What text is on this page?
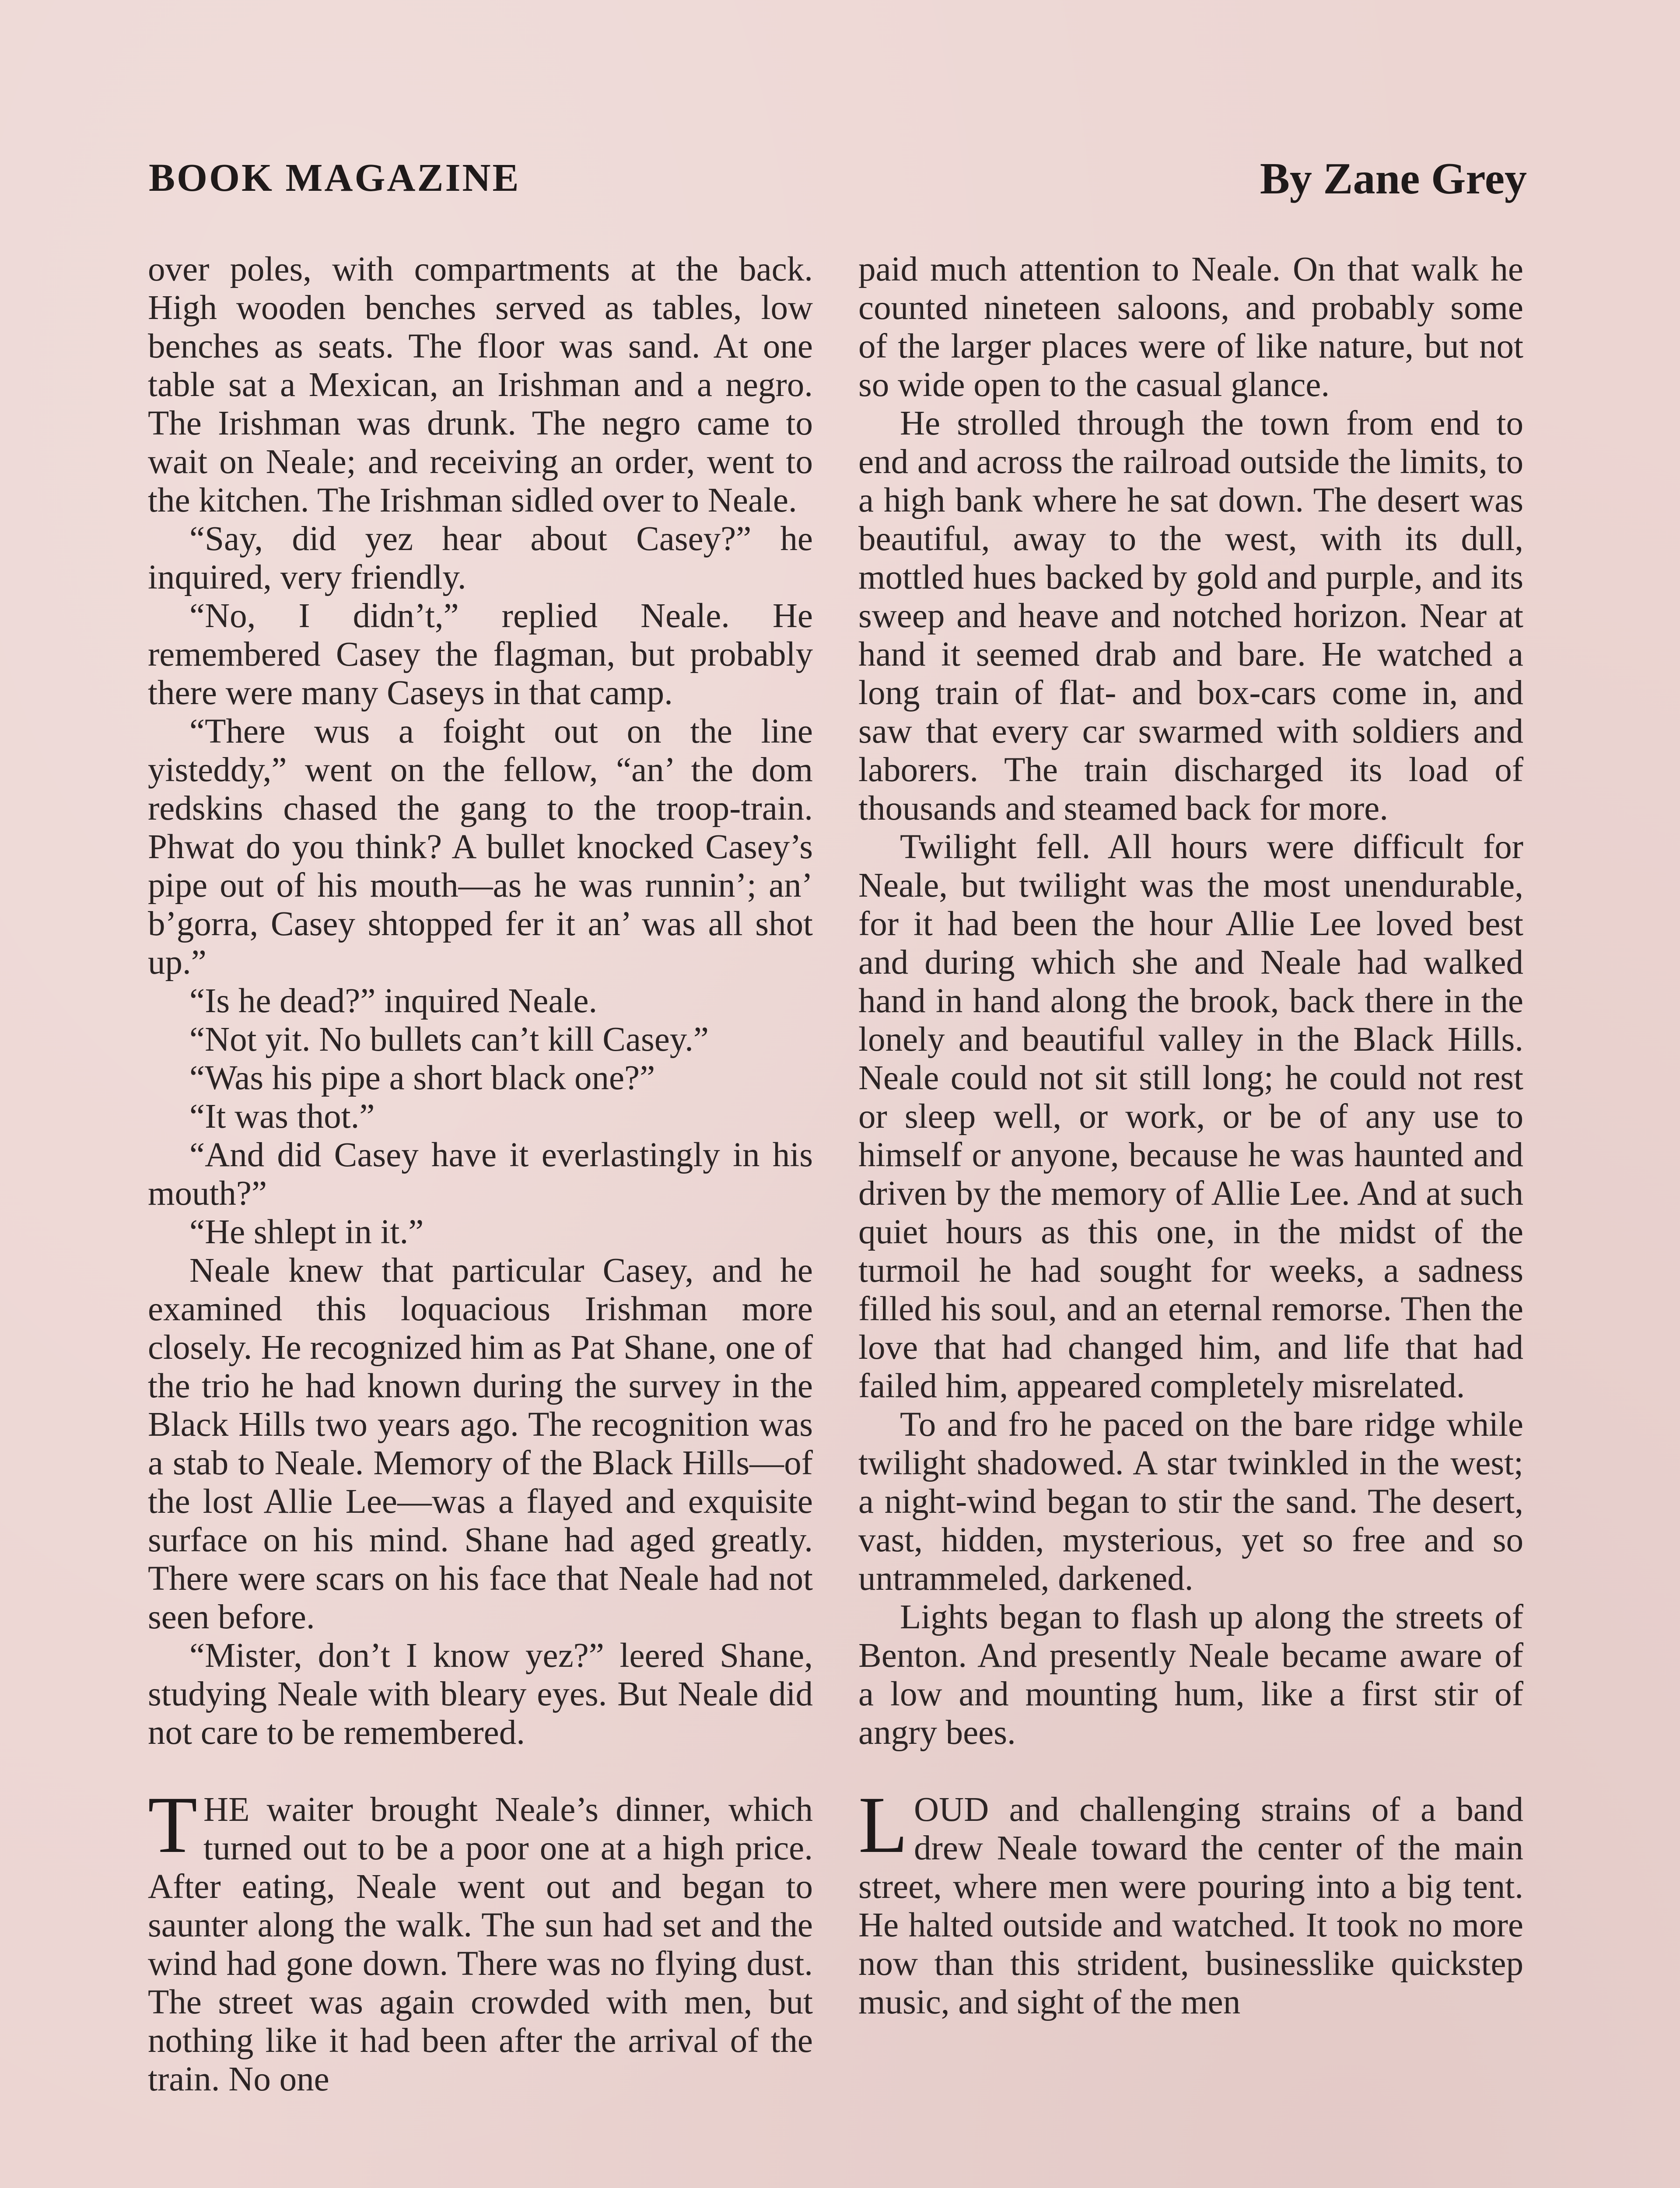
BOOK MAGAZINE	By Zane Grey

over poles, with compartments at the back. High wooden benches served as tables, low benches as seats. The floor was sand. At one table sat a Mexican, an Irishman and a negro. The Irishman was drunk. The negro came to wait on Neale; and receiving an order, went to the kitchen. The Irishman sidled over to Neale.

“Say, did yez hear about Casey?” he inquired, very friendly.

“No, I didn’t,” replied Neale. He remembered Casey the flagman, but probably there were many Caseys in that camp.

“There wus a foight out on the line yisteddy,” went on the fellow, “an’ the dom redskins chased the gang to the troop-train. Phwat do you think? A bullet knocked Casey’s pipe out of his mouth—as he was runnin’; an’ b’gorra, Casey shtopped fer it an’ was all shot up.”

“Is he dead?” inquired Neale.

“Not yit. No bullets can’t kill Casey.”

“Was his pipe a short black one?”

“It was thot.”

“And did Casey have it everlastingly in his mouth?”

“He shlept in it.”

Neale knew that particular Casey, and he examined this loquacious Irishman more closely. He recognized him as Pat Shane, one of the trio he had known during the survey in the Black Hills two years ago. The recognition was a stab to Neale. Memory of the Black Hills—of the lost Allie Lee—was a flayed and exquisite surface on his mind. Shane had aged greatly. There were scars on his face that Neale had not seen before.

“Mister, don’t I know yez?” leered Shane, studying Neale with bleary eyes. But Neale did not care to be remembered.

THE waiter brought Neale’s dinner, which turned out to be a poor one at a high price. After eating, Neale went out and began to saunter along the walk. The sun had set and the wind had gone down. There was no flying dust. The street was again crowded with men, but nothing like it had been after the arrival of the train. No one

paid much attention to Neale. On that walk he counted nineteen saloons, and probably some of the larger places were of like nature, but not so wide open to the casual glance.

He strolled through the town from end to end and across the railroad outside the limits, to a high bank where he sat down. The desert was beautiful, away to the west, with its dull, mottled hues backed by gold and purple, and its sweep and heave and notched horizon. Near at hand it seemed drab and bare. He watched a long train of flat- and box-cars come in, and saw that every car swarmed with soldiers and laborers. The train discharged its load of thousands and steamed back for more.

Twilight fell. All hours were difficult for Neale, but twilight was the most unendurable, for it had been the hour Allie Lee loved best and during which she and Neale had walked hand in hand along the brook, back there in the lonely and beautiful valley in the Black Hills. Neale could not sit still long; he could not rest or sleep well, or work, or be of any use to himself or anyone, because he was haunted and driven by the memory of Allie Lee. And at such quiet hours as this one, in the midst of the turmoil he had sought for weeks, a sadness filled his soul, and an eternal remorse. Then the love that had changed him, and life that had failed him, appeared completely misrelated.

To and fro he paced on the bare ridge while twilight shadowed. A star twinkled in the west; a night-wind began to stir the sand. The desert, vast, hidden, mysterious, yet so free and so untrammeled, darkened.

Lights began to flash up along the streets of Benton. And presently Neale became aware of a low and mounting hum, like a first stir of angry bees.

LOUD and challenging strains of a band drew Neale toward the center of the main street, where men were pouring into a big tent. He halted outside and watched. It took no more now than this strident, businesslike quickstep music, and sight of the men
